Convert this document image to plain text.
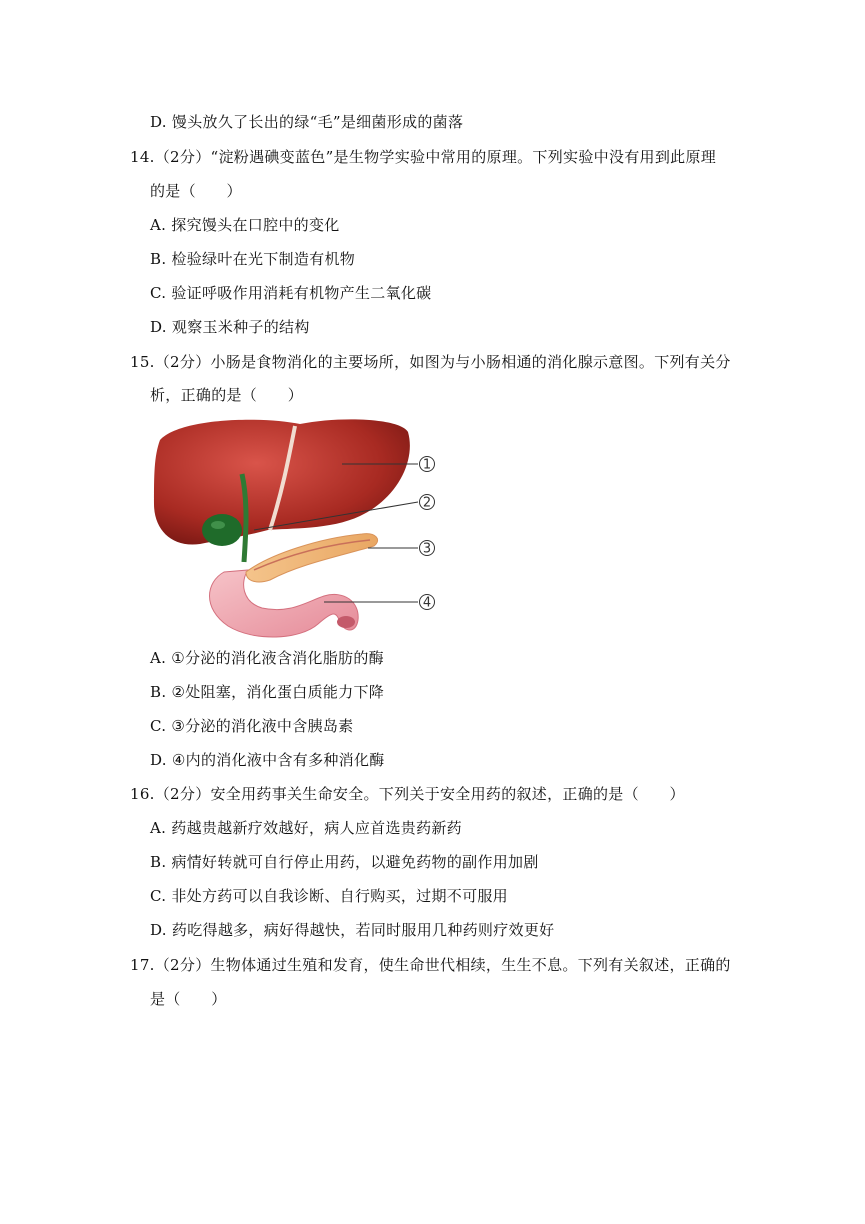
D. 馒头放久了长出的绿“毛”是细菌形成的菌落
14.（2分）“淀粉遇碘变蓝色”是生物学实验中常用的原理。下列实验中没有用到此原理
的是（　　）
A. 探究馒头在口腔中的变化
B. 检验绿叶在光下制造有机物
C. 验证呼吸作用消耗有机物产生二氧化碳
D. 观察玉米种子的结构
15.（2分）小肠是食物消化的主要场所，如图为与小肠相通的消化腺示意图。下列有关分
析，正确的是（　　）
1
2
3
4
A. ①分泌的消化液含消化脂肪的酶
B. ②处阻塞，消化蛋白质能力下降
C. ③分泌的消化液中含胰岛素
D. ④内的消化液中含有多种消化酶
16.（2分）安全用药事关生命安全。下列关于安全用药的叙述，正确的是（　　）
A. 药越贵越新疗效越好，病人应首选贵药新药
B. 病情好转就可自行停止用药，以避免药物的副作用加剧
C. 非处方药可以自我诊断、自行购买，过期不可服用
D. 药吃得越多，病好得越快，若同时服用几种药则疗效更好
17.（2分）生物体通过生殖和发育，使生命世代相续，生生不息。下列有关叙述，正确的
是（　　）
